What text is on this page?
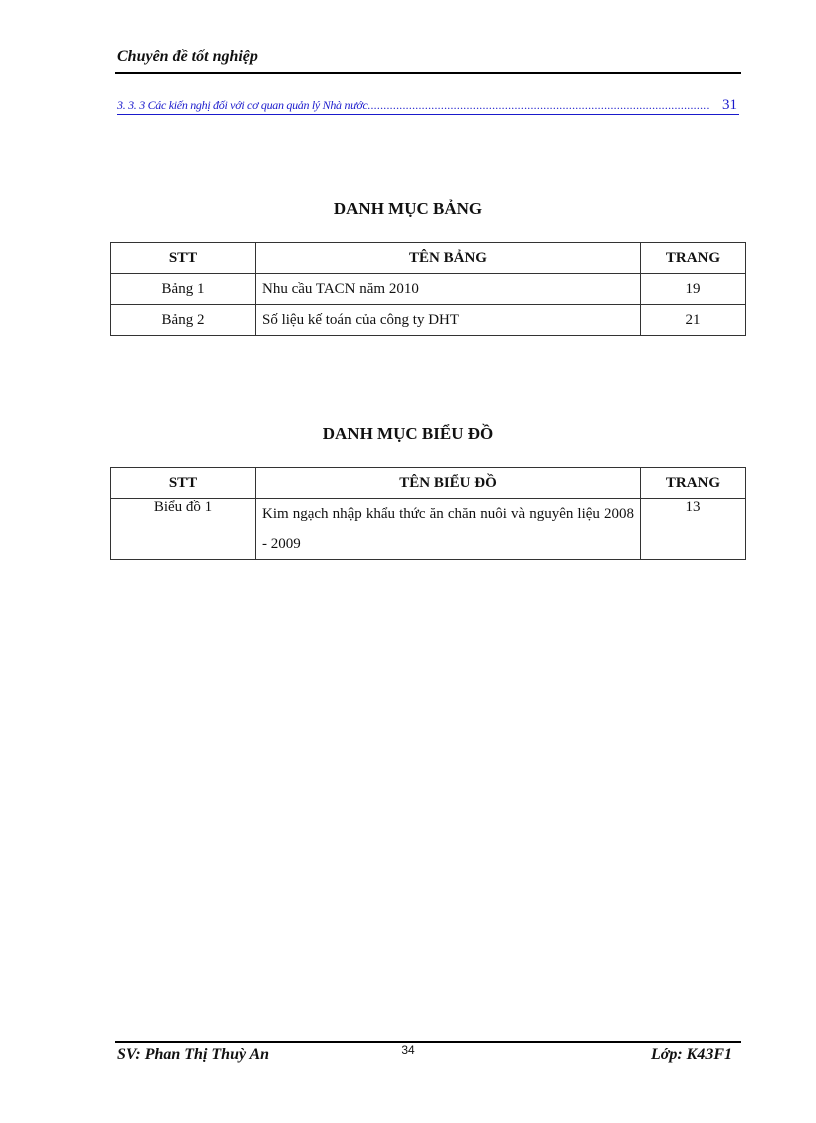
Chuyên đề tốt nghiệp
3. 3. 3 Các kiến nghị đối với cơ quan quản lý Nhà nước .....	31
DANH MỤC BẢNG
STT	TÊN BẢNG	TRANG
Bảng 1	Nhu cầu TACN năm 2010	19
Bảng 2	Số liệu kế toán của công ty DHT	21
DANH MỤC BIỂU ĐỒ
STT	TÊN BIỂU ĐỒ	TRANG
Biểu đồ 1	Kim ngạch nhập khẩu thức ăn chăn nuôi và nguyên liệu 2008 - 2009	13
SV: Phan Thị Thuỳ An	34	Lớp: K43F1
